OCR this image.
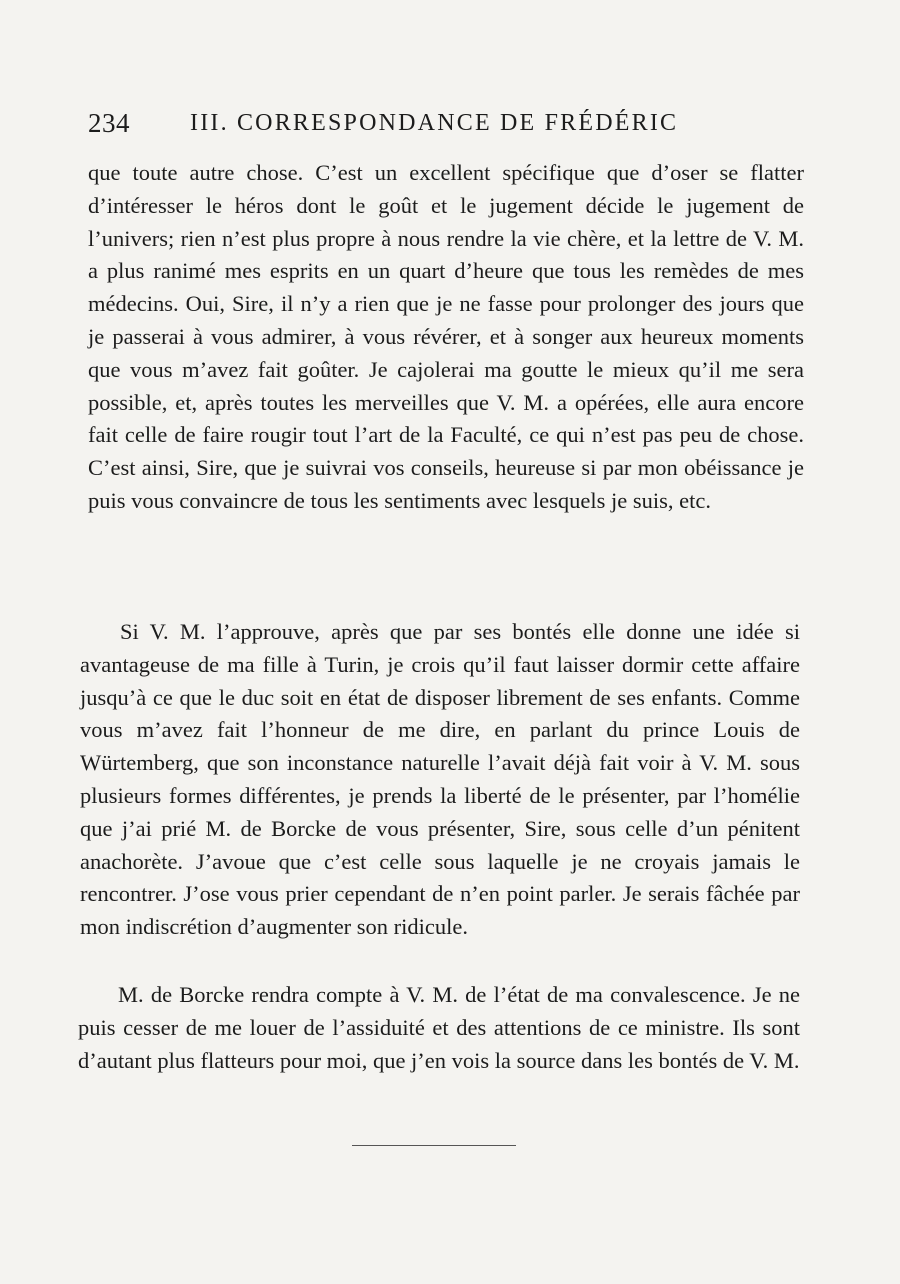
234	III. CORRESPONDANCE DE FRÉDÉRIC

que toute autre chose. C’est un excellent spécifique que d’oser se flatter d’intéresser le héros dont le goût et le jugement décide le jugement de l’univers; rien n’est plus propre à nous rendre la vie chère, et la lettre de V. M. a plus ranimé mes esprits en un quart d’heure que tous les remèdes de mes médecins. Oui, Sire, il n’y a rien que je ne fasse pour prolonger des jours que je passerai à vous admirer, à vous révérer, et à songer aux heureux moments que vous m’avez fait goûter. Je cajolerai ma goutte le mieux qu’il me sera possible, et, après toutes les merveilles que V. M. a opérées, elle aura encore fait celle de faire rougir tout l’art de la Faculté, ce qui n’est pas peu de chose. C’est ainsi, Sire, que je suivrai vos conseils, heureuse si par mon obéissance je puis vous convaincre de tous les sentiments avec lesquels je suis, etc.

Si V. M. l’approuve, après que par ses bontés elle donne une idée si avantageuse de ma fille à Turin, je crois qu’il faut laisser dormir cette affaire jusqu’à ce que le duc soit en état de disposer librement de ses enfants. Comme vous m’avez fait l’honneur de me dire, en parlant du prince Louis de Würtemberg, que son inconstance naturelle l’avait déjà fait voir à V. M. sous plusieurs formes différentes, je prends la liberté de le présenter, par l’homélie que j’ai prié M. de Borcke de vous présenter, Sire, sous celle d’un pénitent anachorète. J’avoue que c’est celle sous laquelle je ne croyais jamais le rencontrer. J’ose vous prier cependant de n’en point parler. Je serais fâchée par mon indiscrétion d’augmenter son ridicule.

M. de Borcke rendra compte à V. M. de l’état de ma convalescence. Je ne puis cesser de me louer de l’assiduité et des attentions de ce ministre. Ils sont d’autant plus flatteurs pour moi, que j’en vois la source dans les bontés de V. M.
